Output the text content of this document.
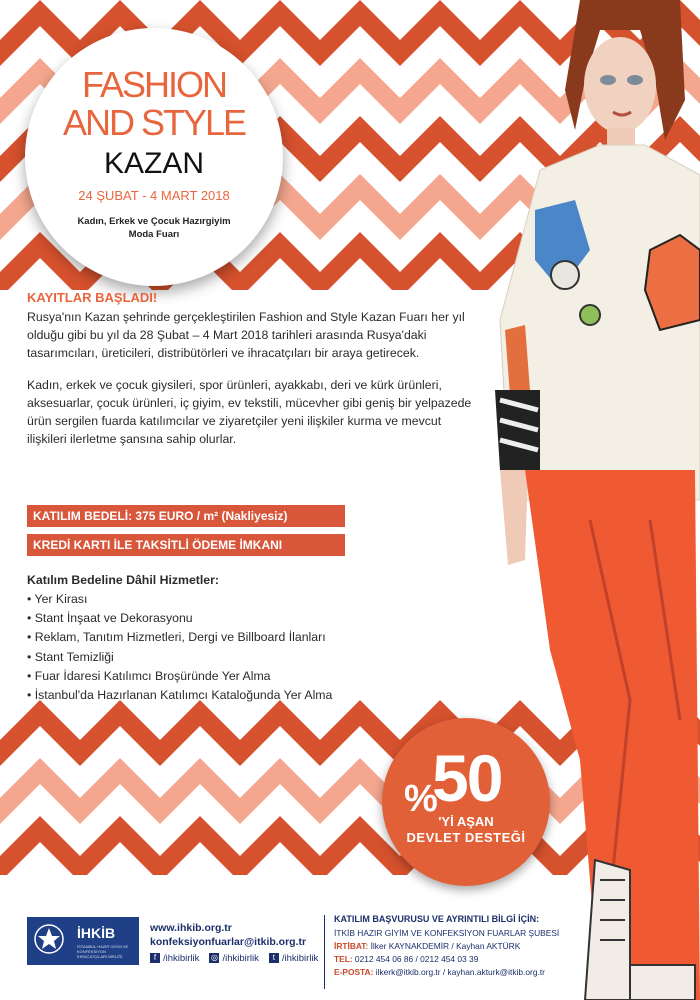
FASHION
AND STYLE
KAZAN
24 ŞUBAT - 4 MART 2018
Kadın, Erkek ve Çocuk Hazırgiyim
Moda Fuarı
KAYITLAR BAŞLADI!

Rusya'nın Kazan şehrinde gerçekleştirilen Fashion and Style Kazan Fuarı her yıl olduğu gibi bu yıl da 28 Şubat – 4 Mart 2018 tarihleri arasında Rusya'daki tasarımcıları, üreticileri, distribütörleri ve ihracatçıları bir araya getirecek.

Kadın, erkek ve çocuk giysileri, spor ürünleri, ayakkabı, deri ve kürk ürünleri, aksesuarlar, çocuk ürünleri, iç giyim, ev tekstili, mücevher gibi geniş bir yelpazede ürün sergilen fuarda katılımcılar ve ziyaretçiler yeni ilişkiler kurma ve mevcut ilişkileri ilerletme şansına sahip olurlar.

KATILIM BEDELİ: 375 EURO / m² (Nakliyesiz)
KREDİ KARTI İLE TAKSİTLİ ÖDEME İMKANI
Katılım Bedeline Dâhil Hizmetler:
• Yer Kirası
• Stant İnşaat ve Dekorasyonu
• Reklam, Tanıtım Hizmetleri, Dergi ve Billboard İlanları
• Stant Temizliği
• Fuar İdaresi Katılımcı Broşüründe Yer Alma
• İstanbul'da Hazırlanan Katılımcı Kataloğunda Yer Alma
%
50
'Yİ AŞAN
DEVLET DESTEĞİ
İHKİB
İSTANBUL HAZIR GİYİM VE KONFEKSİYON İHRACATÇILARI BİRLİĞİ
www.ihkib.org.tr
konfeksiyonfuarlar@itkib.org.tr
f /ihkibirlik ◎ /ihkibirlik	t /ihkibirlik
KATILIM BAŞVURUSU VE AYRINTILI BİLGİ İÇİN:
İTKİB HAZIR GİYİM VE KONFEKSİYON FUARLAR ŞUBESİ
İRTİBAT: İlker KAYNAKDEMİR / Kayhan AKTÜRK
TEL: 0212 454 06 86 / 0212 454 03 39
E-POSTA: ilkerk@itkib.org.tr / kayhan.akturk@itkib.org.tr
